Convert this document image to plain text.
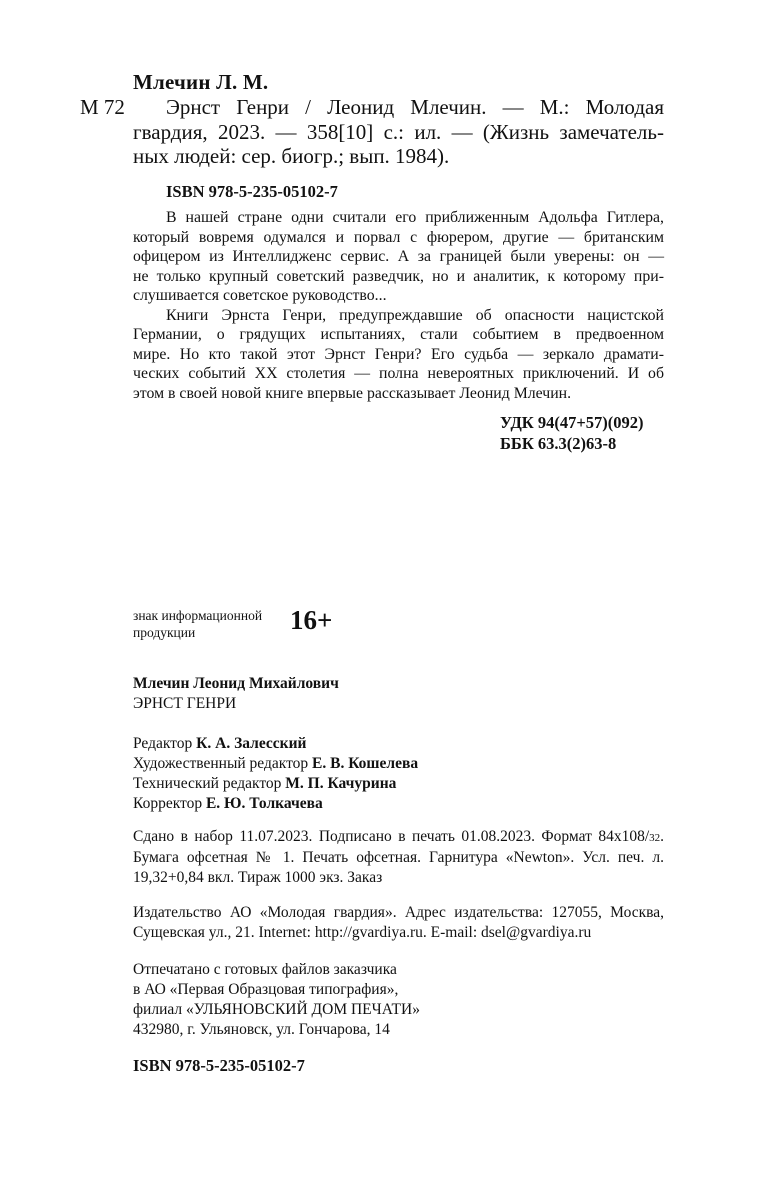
Млечин Л. М.
М 72 Эрнст Генри / Леонид Млечин. — М.: Молодая
гвардия, 2023. — 358[10] с.: ил. — (Жизнь замечатель-
ных людей: сер. биогр.; вып. 1984).
ISBN 978-5-235-05102-7

В нашей стране одни считали его приближенным Адольфа Гитлера,
который вовремя одумался и порвал с фюрером, другие — британским
офицером из Интеллидженс сервис. А за границей были уверены: он —
не только крупный советский разведчик, но и аналитик, к которому при-
слушивается советское руководство...

Книги Эрнста Генри, предупреждавшие об опасности нацистской
Германии, о грядущих испытаниях, стали событием в предвоенном
мире. Но кто такой этот Эрнст Генри? Его судьба — зеркало драмати-
ческих событий XX столетия — полна невероятных приключений. И об
этом в своей новой книге впервые рассказывает Леонид Млечин.

УДК 94(47+57)(092)
ББК 63.3(2)63-8
знак информационной
продукции	16+
Млечин Леонид Михайлович
ЭРНСТ ГЕНРИ
Редактор К. А. Залесский
Художественный редактор Е. В. Кошелева
Технический редактор М. П. Качурина
Корректор Е. Ю. Толкачева
Сдано в набор 11.07.2023. Подписано в печать 01.08.2023. Формат 84x108/32.
Бумага офсетная № 1. Печать офсетная. Гарнитура «Newton». Усл. печ. л.
19,32+0,84 вкл. Тираж 1000 экз. Заказ
Издательство АО «Молодая гвардия». Адрес издательства: 127055, Москва,
Сущевская ул., 21. Internet: http://gvardiya.ru. E-mail: dsel@gvardiya.ru
Отпечатано с готовых файлов заказчика
в АО «Первая Образцовая типография»,
филиал «УЛЬЯНОВСКИЙ ДОМ ПЕЧАТИ»
432980, г. Ульяновск, ул. Гончарова, 14
ISBN 978-5-235-05102-7
